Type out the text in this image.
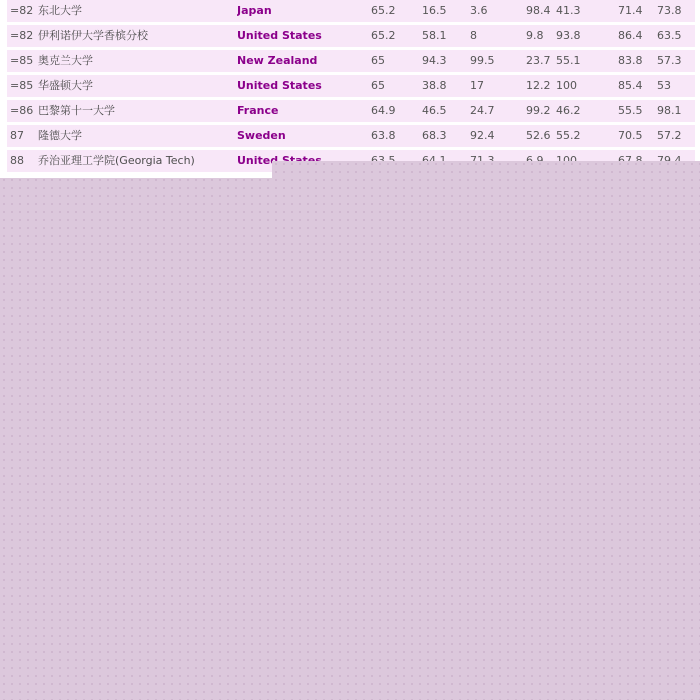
=82 东北大学	Japan	65.2	16.5	3.6	98.4 41.3	71.4	73.8
=82 伊利诺伊大学香槟分校	United States	65.2	58.1	8	9.8	93.8	86.4	63.5
=85 奥克兰大学	New Zealand	65	94.3	99.5	23.7 55.1	83.8	57.3
=85 华盛顿大学	United States	65	38.8	17	12.2 100	85.4	53
=86 巴黎第十一大学	France	64.9	46.5	24.7	99.2 46.2	55.5	98.1
87	隆德大学	Sweden	63.8	68.3	92.4	52.6 55.2	70.5	57.2
88	乔治亚理工学院(Georgia Tech)	United States	63.5	64.1	71.3	6.9	100	67.8	79.4
